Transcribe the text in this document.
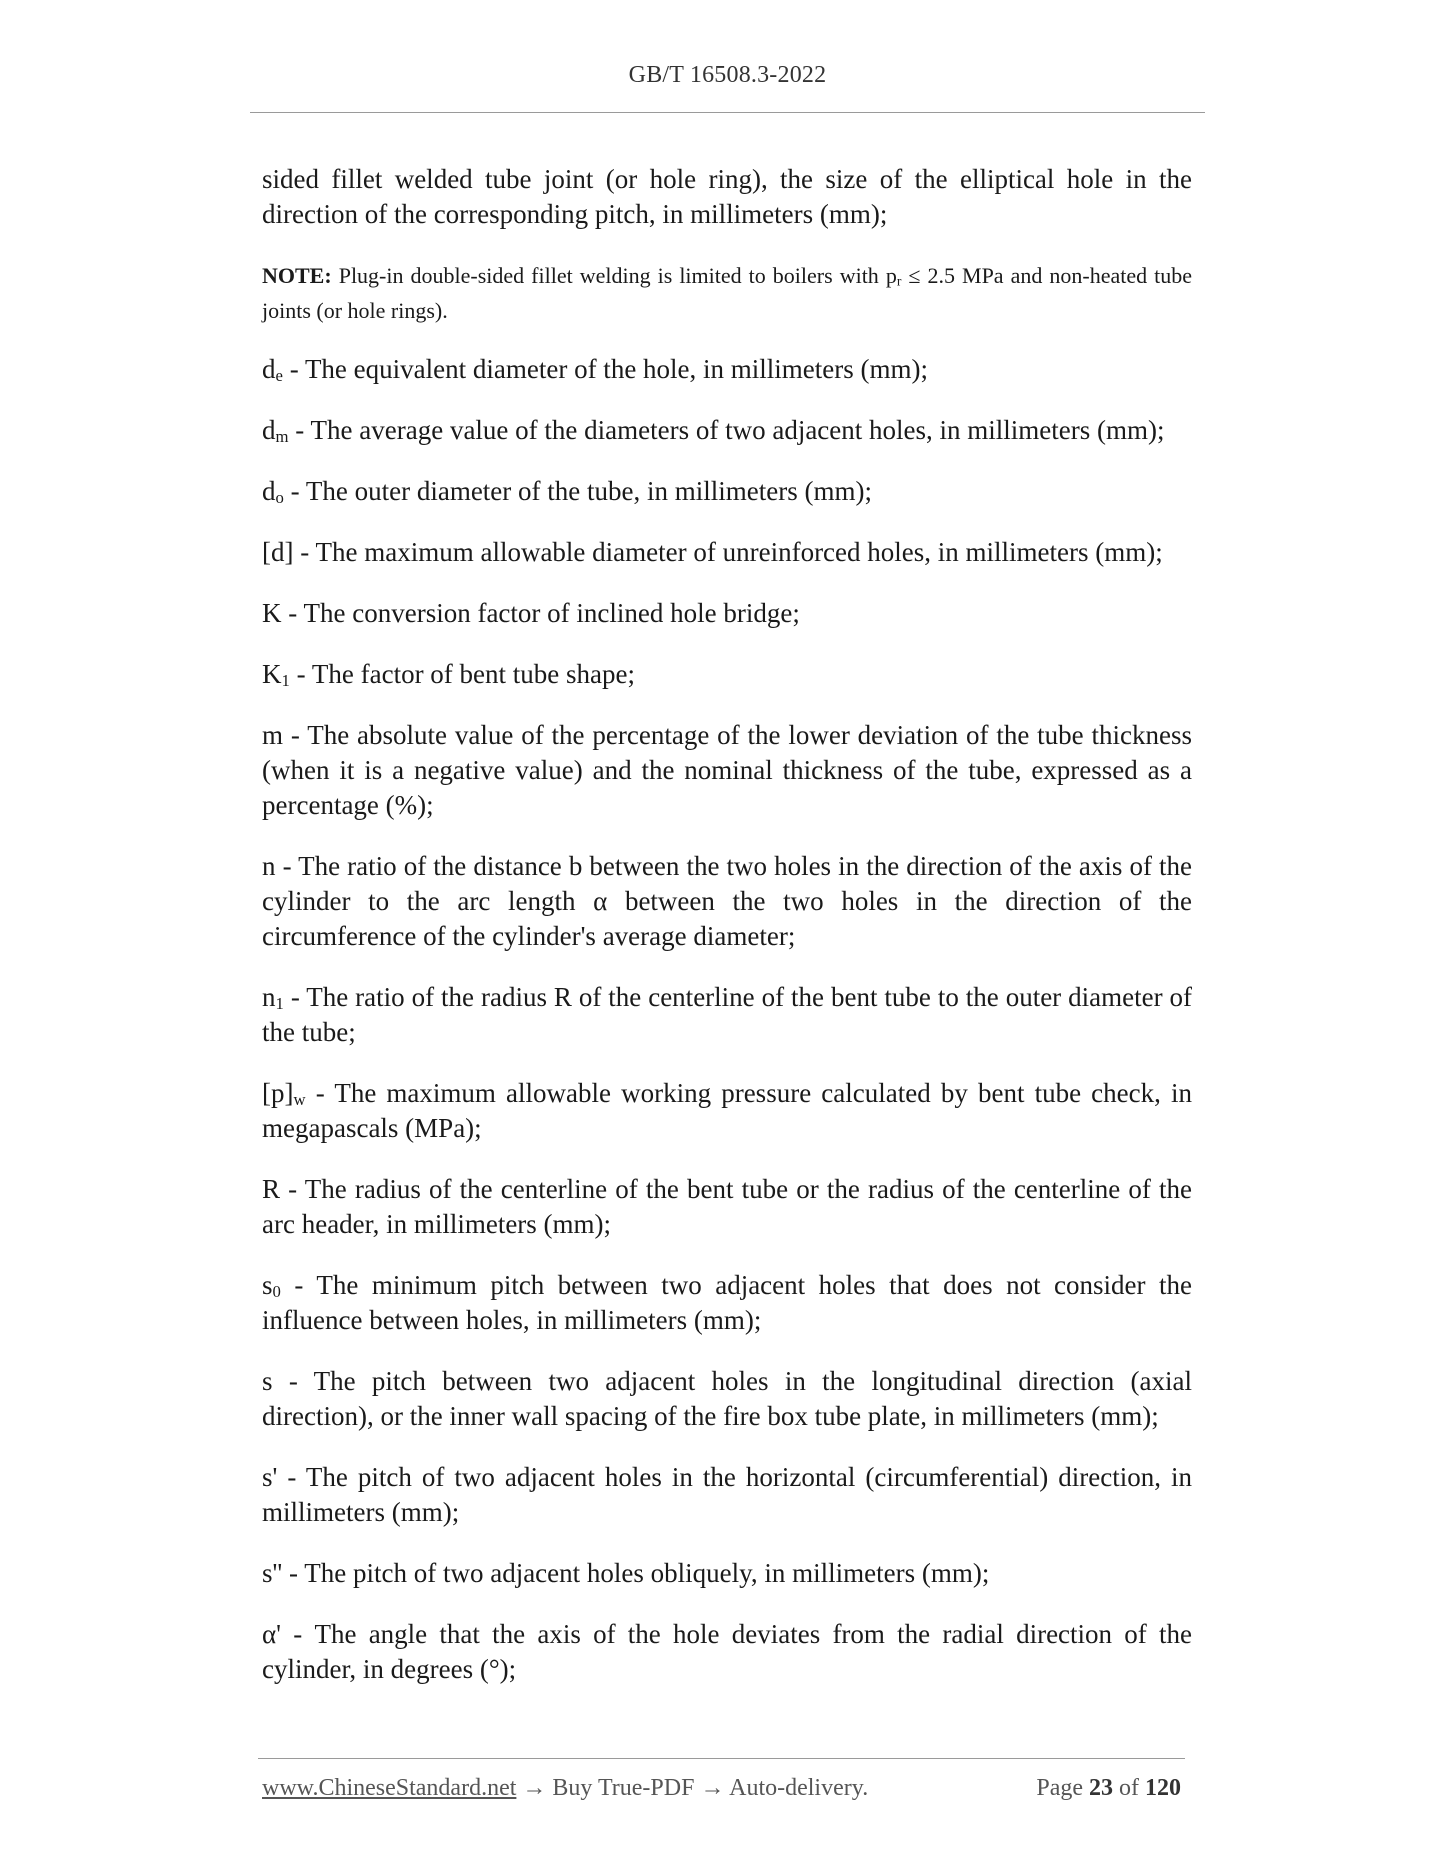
GB/T 16508.3-2022

sided fillet welded tube joint (or hole ring), the size of the elliptical hole in the direction of the corresponding pitch, in millimeters (mm);

NOTE: Plug-in double-sided fillet welding is limited to boilers with pr ≤ 2.5 MPa and non-heated tube joints (or hole rings).

de - The equivalent diameter of the hole, in millimeters (mm);

dm - The average value of the diameters of two adjacent holes, in millimeters (mm);

do - The outer diameter of the tube, in millimeters (mm);

[d] - The maximum allowable diameter of unreinforced holes, in millimeters (mm);

K - The conversion factor of inclined hole bridge;

K1 - The factor of bent tube shape;

m - The absolute value of the percentage of the lower deviation of the tube thickness (when it is a negative value) and the nominal thickness of the tube, expressed as a percentage (%);

n - The ratio of the distance b between the two holes in the direction of the axis of the cylinder to the arc length α between the two holes in the direction of the circumference of the cylinder's average diameter;

n1 - The ratio of the radius R of the centerline of the bent tube to the outer diameter of the tube;

[p]w - The maximum allowable working pressure calculated by bent tube check, in megapascals (MPa);

R - The radius of the centerline of the bent tube or the radius of the centerline of the arc header, in millimeters (mm);

s0 - The minimum pitch between two adjacent holes that does not consider the influence between holes, in millimeters (mm);

s - The pitch between two adjacent holes in the longitudinal direction (axial direction), or the inner wall spacing of the fire box tube plate, in millimeters (mm);

s' - The pitch of two adjacent holes in the horizontal (circumferential) direction, in millimeters (mm);

s'' - The pitch of two adjacent holes obliquely, in millimeters (mm);

α' - The angle that the axis of the hole deviates from the radial direction of the cylinder, in degrees (°);

www.ChineseStandard.net → Buy True-PDF → Auto-delivery.	Page 23 of 120
